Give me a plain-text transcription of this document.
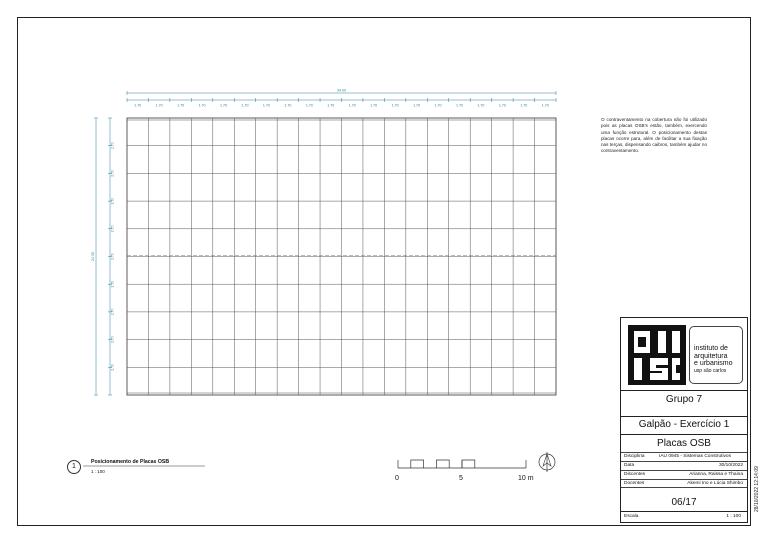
1.70	1.70	1.70	1.70	1.70	1.70	1.70	1.70	1.70	1.70	1.70	1.70	1.70	1.70	1.70	1.70	1.70	1.70	1.70	1.70
34.00
2.70
2.70
2.70
2.70
2.70
2.70
2.70
2.70
2.70
24.30
O contraventamento na cobertura não foi utilizado pois as placas OSB's estão, também, exercendo uma função estrutural. O posicionamento destas placas ocorre para, além de facilitar a sua fixação nas terças, dispensando caibros, também ajudar no contraventamento.
1
Posicionamento de Placas OSB
1 : 100
0	5	10 m
instituto de
arquitetura
e urbanismo
usp são carlos
Grupo 7
Galpão - Exercício 1
Placas OSB
Disciplina	IAU 0945 - Sistemas Construtivos
Data	30/10/2022
Discentes	Arianna, Raissa e Thaina
Docentes	Akemi Ino e Lúcia Shimbo
06/17
Escala	1 : 100
28/10/2022 12:14:09
